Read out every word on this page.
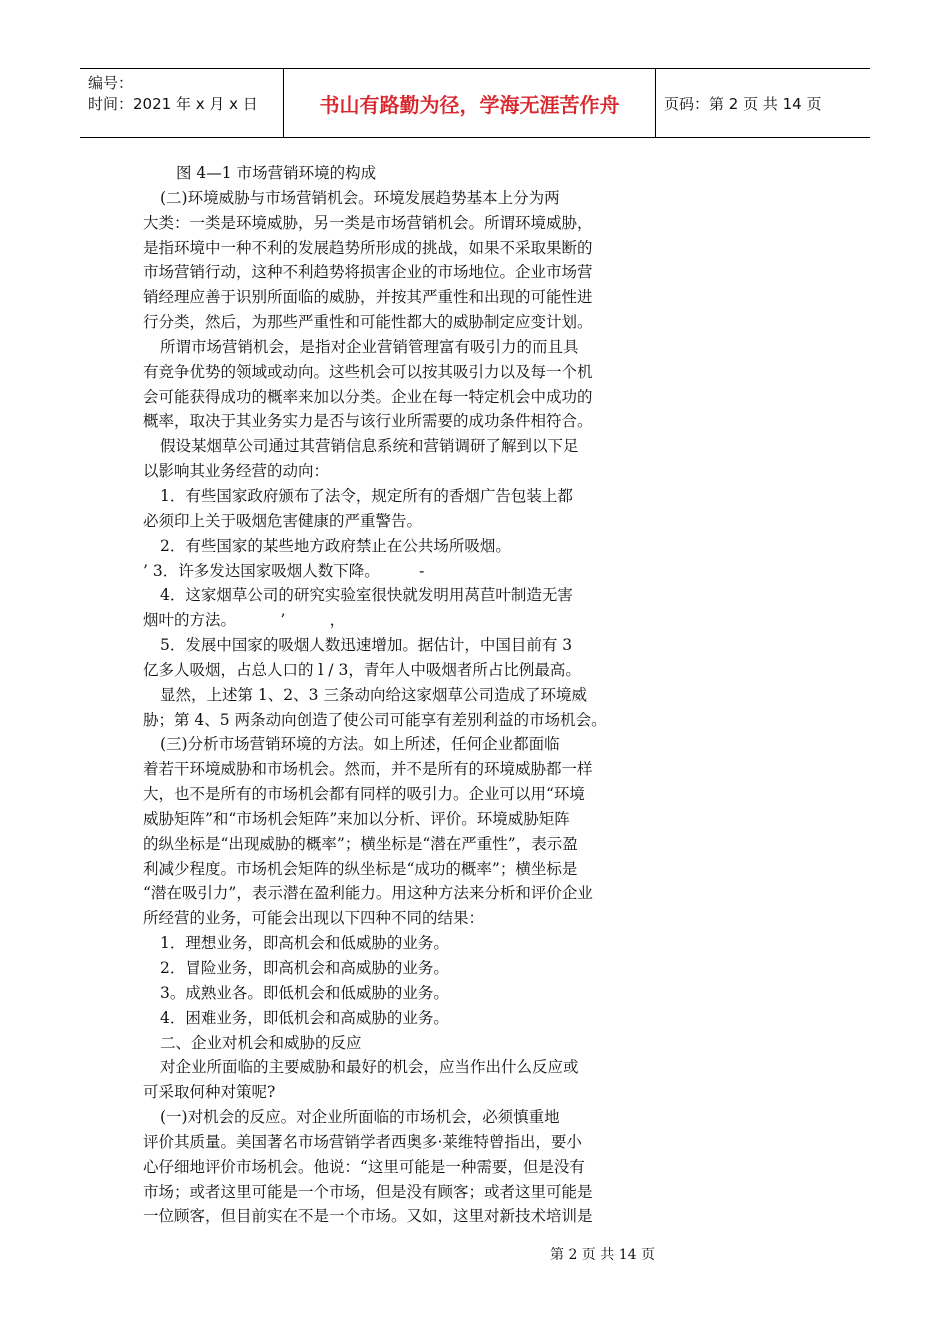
编号：
时间：2021 年 x 月 x 日	书山有路勤为径，学海无涯苦作舟	页码：第 2 页 共 14 页
图 4—1 市场营销环境的构成
(二)环境威胁与市场营销机会。环境发展趋势基本上分为两
大类：一类是环境威胁，另一类是市场营销机会。所谓环境威胁，
是指环境中一种不利的发展趋势所形成的挑战，如果不采取果断的
市场营销行动，这种不利趋势将损害企业的市场地位。企业市场营
销经理应善于识别所面临的威胁，并按其严重性和出现的可能性进
行分类，然后，为那些严重性和可能性都大的威胁制定应变计划。
所谓市场营销机会，是指对企业营销管理富有吸引力的而且具
有竞争优势的领域或动向。这些机会可以按其吸引力以及每一个机
会可能获得成功的概率来加以分类。企业在每一特定机会中成功的
概率，取决于其业务实力是否与该行业所需要的成功条件相符合。
假设某烟草公司通过其营销信息系统和营销调研了解到以下足
以影响其业务经营的动向：
1．有些国家政府颁布了法令，规定所有的香烟广告包装上都
必须印上关于吸烟危害健康的严重警告。
2．有些国家的某些地方政府禁止在公共场所吸烟。
’ 3．许多发达国家吸烟人数下降。        -
4．这家烟草公司的研究实验室很快就发明用莴苣叶制造无害
烟叶的方法。         ’         ，
5．发展中国家的吸烟人数迅速增加。据估计，中国目前有 3
亿多人吸烟，占总人口的 l / 3，青年人中吸烟者所占比例最高。
显然，上述第 1、2、3 三条动向给这家烟草公司造成了环境威
胁；第 4、5 两条动向创造了使公司可能享有差别利益的市场机会。
(三)分析市场营销环境的方法。如上所述，任何企业都面临
着若干环境威胁和市场机会。然而，并不是所有的环境威胁都一样
大，也不是所有的市场机会都有同样的吸引力。企业可以用“环境
威胁矩阵”和“市场机会矩阵”来加以分析、评价。环境威胁矩阵
的纵坐标是“出现威胁的概率”；横坐标是“潜在严重性”，表示盈
利减少程度。市场机会矩阵的纵坐标是“成功的概率”；横坐标是
“潜在吸引力”，表示潜在盈利能力。用这种方法来分析和评价企业
所经营的业务，可能会出现以下四种不同的结果：
1．理想业务，即高机会和低威胁的业务。
2．冒险业务，即高机会和高威胁的业务。
3。成熟业各。即低机会和低威胁的业务。
4．困难业务，即低机会和高威胁的业务。
二、企业对机会和威胁的反应
对企业所面临的主要威胁和最好的机会，应当作出什么反应或
可采取何种对策呢?
(一)对机会的反应。对企业所面临的市场机会，必须慎重地
评价其质量。美国著名市场营销学者西奥多·莱维特曾指出，要小
心仔细地评价市场机会。他说：“这里可能是一种需要，但是没有
市场；或者这里可能是一个市场，但是没有顾客；或者这里可能是
一位顾客，但目前实在不是一个市场。又如，这里对新技术培训是
第 2 页 共 14 页
